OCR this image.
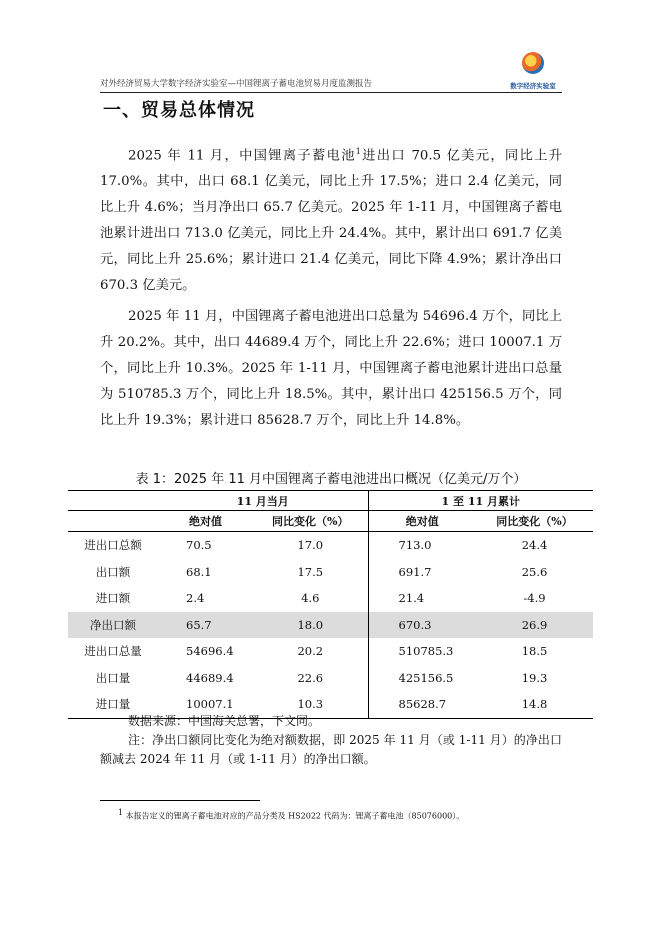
对外经济贸易大学数字经济实验室—中国锂离子蓄电池贸易月度监测报告	数字经济实验室
一、贸易总体情况

2025 年 11 月，中国锂离子蓄电池$^1$进出口 70.5 亿美元，同比上升 17.0%。其中，出口 68.1 亿美元，同比上升 17.5%；进口 2.4 亿美元，同比上升 4.6%；当月净出口 65.7 亿美元。2025 年 1-11 月，中国锂离子蓄电池累计进出口 713.0 亿美元，同比上升 24.4%。其中，累计出口 691.7 亿美元，同比上升 25.6%；累计进口 21.4 亿美元，同比下降 4.9%；累计净出口 670.3 亿美元。

2025 年 11 月，中国锂离子蓄电池进出口总量为 54696.4 万个，同比上升 20.2%。其中，出口 44689.4 万个，同比上升 22.6%；进口 10007.1 万个，同比上升 10.3%。2025 年 1-11 月，中国锂离子蓄电池累计进出口总量为 510785.3 万个，同比上升 18.5%。其中，累计出口 425156.5 万个，同比上升 19.3%；累计进口 85628.7 万个，同比上升 14.8%。

表 1：2025 年 11 月中国锂离子蓄电池进出口概况（亿美元/万个）
	11 月当月		1 至 11 月累计	
	绝对值	同比变化（%）	绝对值	同比变化（%）
进出口总额	70.5	17.0	713.0	24.4
出口额	68.1	17.5	691.7	25.6
进口额	2.4	4.6	21.4	-4.9
净出口额	65.7	18.0	670.3	26.9
进出口总量	54696.4	20.2	510785.3	18.5
出口量	44689.4	22.6	425156.5	19.3
进口量	10007.1	10.3	85628.7	14.8

数据来源：中国海关总署，下文同。

注：净出口额同比变化为绝对额数据，即 2025 年 11 月（或 1-11 月）的净出口额减去 2024 年 11 月（或 1-11 月）的净出口额。

$^1$ 本报告定义的锂离子蓄电池对应的产品分类及 HS2022 代码为：锂离子蓄电池（85076000）。
